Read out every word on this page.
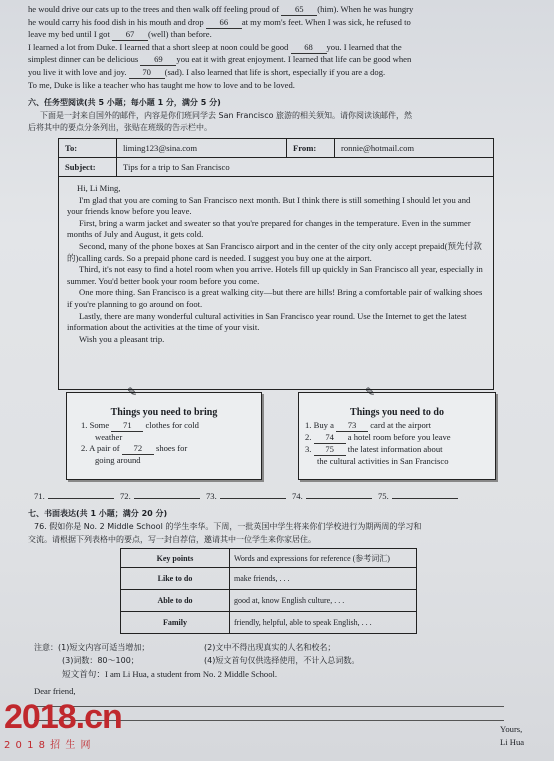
he would drive our cats up to the trees and then walk off feeling proud of 65 (him). When he was hungry
he would carry his food dish in his mouth and drop 66 at my mom's feet. When I was sick, he refused to
leave my bed until I got 67 (well) than before.
I learned a lot from Duke. I learned that a short sleep at noon could be good 68 you. I learned that the
simplest dinner can be delicious 69 you eat it with great enjoyment. I learned that life can be good when
you live it with love and joy. 70 (sad). I also learned that life is short, especially if you are a dog.
To me, Duke is like a teacher who has taught me how to love and to be loved.
六、任务型阅读(共 5 小题；每小题 1 分，满分 5 分)
下面是一封来自国外的邮件，内容是你们班同学去 San Francisco 旅游的相关须知。请你阅读该邮件，然
后将其中的要点分条列出，张贴在班级的告示栏中。
To:	liming123@sina.com	From:	ronnie@hotmail.com
Subject:	Tips for a trip to San Francisco
Hi, Li Ming,

I'm glad that you are coming to San Francisco next month. But I think there is still something I should let you and your friends know before you leave.

First, bring a warm jacket and sweater so that you're prepared for changes in the temperature. Even in the summer months of July and August, it gets cold.

Second, many of the phone boxes at San Francisco airport and in the center of the city only accept prepaid(预先付款的)calling cards. So a prepaid phone card is needed. I suggest you buy one at the airport.

Third, it's not easy to find a hotel room when you arrive. Hotels fill up quickly in San Francisco all year, especially in summer. You'd better book your room before you come.

One more thing. San Francisco is a great walking city—but there are hills! Bring a comfortable pair of walking shoes if you're planning to go around on foot.

Lastly, there are many wonderful cultural activities in San Francisco year round. Use the Internet to get the latest information about the activities at the time of your visit.

Wish you a pleasant trip.

✎
Things you need to bring
1. Some 71 clothes for cold
weather
2. A pair of 72 shoes for
going around
✎
Things you need to do
1. Buy a 73 card at the airport
2. 74 a hotel room before you leave
3. 75 the latest information about
the cultural activities in San Francisco
71.	72.	73.	74.	75.
七、书面表达(共 1 小题；满分 20 分)
76. 假如你是 No. 2 Middle School 的学生李华。下周，一批英国中学生将来你们学校进行为期两周的学习和
交流。请根据下列表格中的要点，写一封自荐信，邀请其中一位学生来你家居住。
Key points	Words and expressions for reference (参考词汇)
Like to do	make friends, . . .
Able to do	good at, know English culture, . . .
Family	friendly, helpful, able to speak English, . . .
注意：(1)短文内容可适当增加；	(2)文中不得出现真实的人名和校名；
(3)词数：80～100；	(4)短文首句仅供选择使用，不计入总词数。
短文首句：I am Li Hua, a student from No. 2 Middle School.
Dear friend,
Yours,
Li Hua
2018.cn
2 0 1 8 招 生 网
